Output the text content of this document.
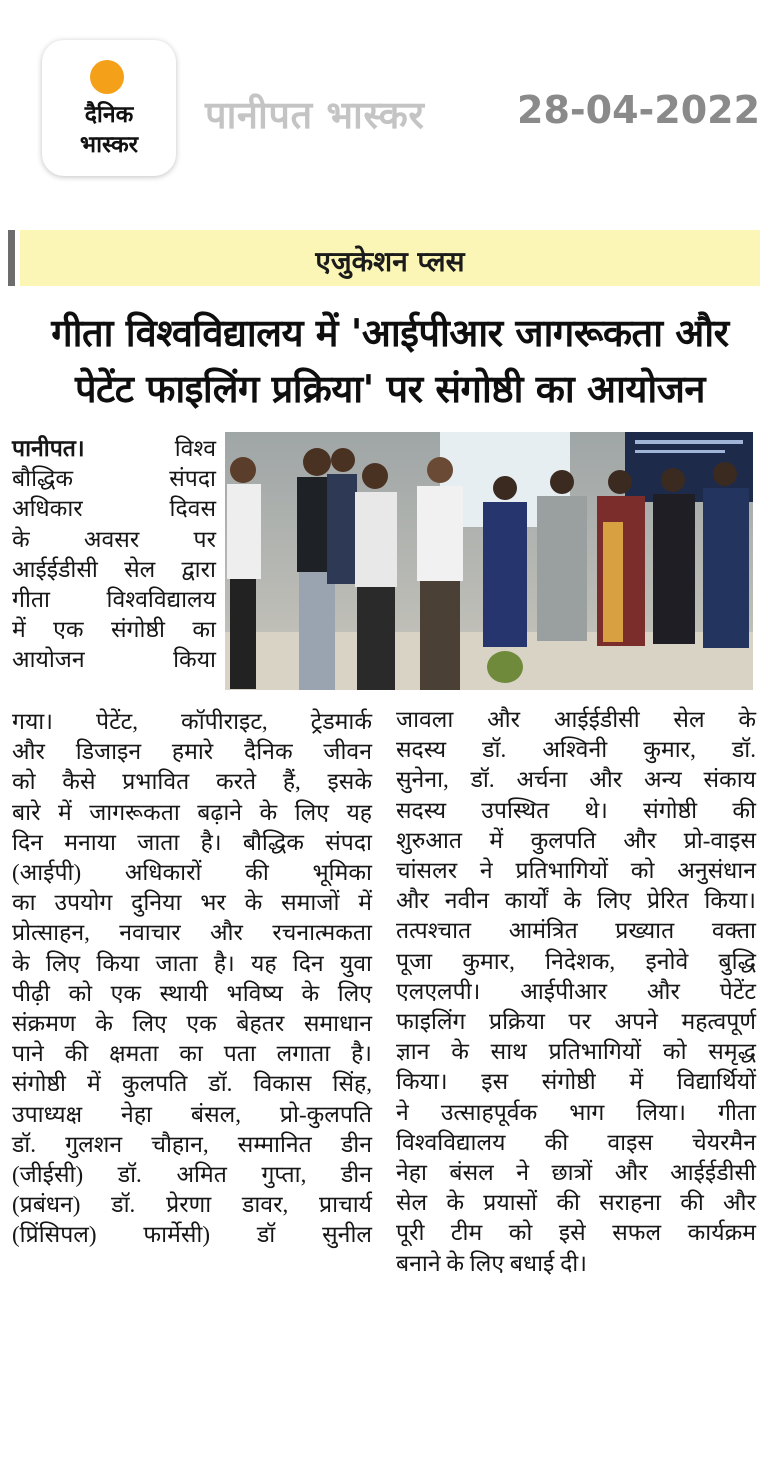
दैनिक
भास्कर
पानीपत भास्कर 28-04-2022
एजुकेशन प्लस
गीता विश्वविद्यालय में 'आईपीआर जागरूकता और
पेटेंट फाइलिंग प्रक्रिया' पर संगोष्ठी का आयोजन

पानीपत।	विश्व

बौद्धिक संपदा

अधिकार दिवस

के अवसर पर

आईईडीसी सेल द्वारा

गीता विश्वविद्यालय

में एक संगोष्ठी का

आयोजन किया

गया। पेटेंट, कॉपीराइट, ट्रेडमार्क

और डिजाइन हमारे दैनिक जीवन

को कैसे प्रभावित करते हैं, इसके

बारे में जागरूकता बढ़ाने के लिए यह

दिन मनाया जाता है। बौद्धिक संपदा

(आईपी) अधिकारों की भूमिका

का उपयोग दुनिया भर के समाजों में

प्रोत्साहन, नवाचार और रचनात्मकता

के लिए किया जाता है। यह दिन युवा

पीढ़ी को एक स्थायी भविष्य के लिए

संक्रमण के लिए एक बेहतर समाधान

पाने की क्षमता का पता लगाता है।

संगोष्ठी में कुलपति डॉ. विकास सिंह,

उपाध्यक्ष नेहा बंसल, प्रो-कुलपति

डॉ. गुलशन चौहान, सम्मानित डीन

(जीईसी) डॉ. अमित गुप्ता, डीन

(प्रबंधन) डॉ. प्रेरणा डावर, प्राचार्य

(प्रिंसिपल) फार्मेसी) डॉ सुनील

जावला और आईईडीसी सेल के

सदस्य डॉ. अश्विनी कुमार, डॉ.

सुनेना, डॉ. अर्चना और अन्य संकाय

सदस्य उपस्थित थे। संगोष्ठी की

शुरुआत में कुलपति और प्रो-वाइस

चांसलर ने प्रतिभागियों को अनुसंधान

और नवीन कार्यों के लिए प्रेरित किया।

तत्पश्चात आमंत्रित प्रख्यात वक्ता

पूजा कुमार, निदेशक, इनोवे बुद्धि

एलएलपी। आईपीआर और पेटेंट

फाइलिंग प्रक्रिया पर अपने महत्वपूर्ण

ज्ञान के साथ प्रतिभागियों को समृद्ध

किया। इस संगोष्ठी में विद्यार्थियों

ने उत्साहपूर्वक भाग लिया। गीता

विश्वविद्यालय की वाइस चेयरमैन

नेहा बंसल ने छात्रों और आईईडीसी

सेल के प्रयासों की सराहना की और

पूरी टीम को इसे सफल कार्यक्रम

बनाने के लिए बधाई दी।
